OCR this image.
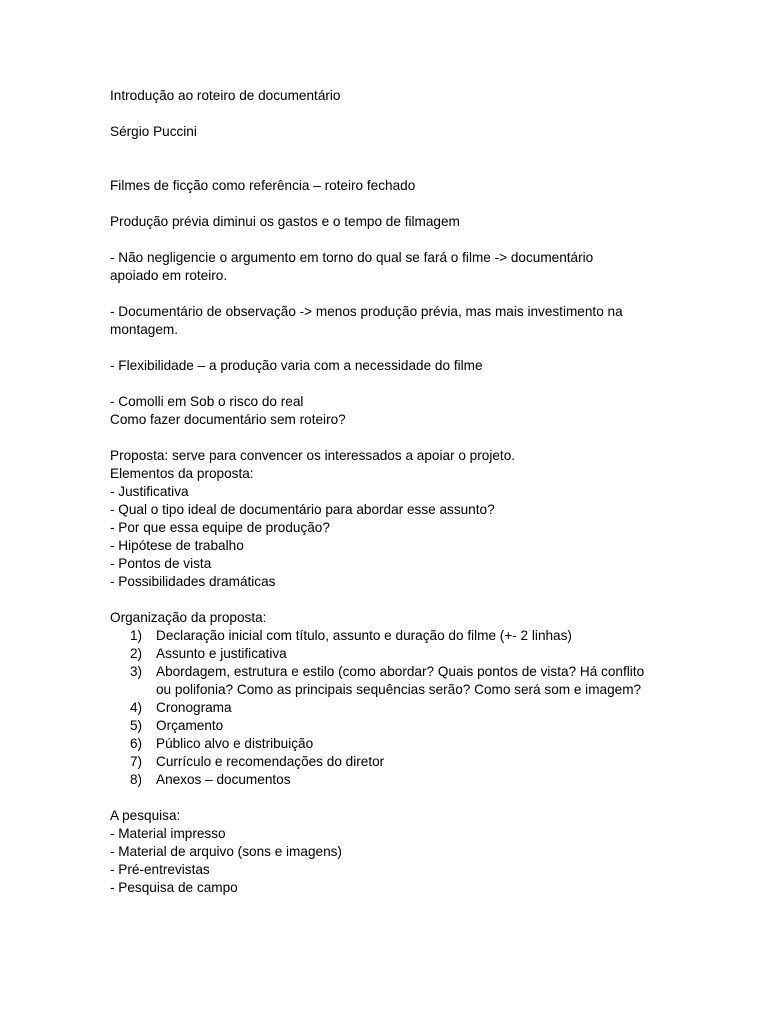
Introdução ao roteiro de documentário
Sérgio Puccini
Filmes de ficção como referência – roteiro fechado
Produção prévia diminui os gastos e o tempo de filmagem
- Não negligencie o argumento em torno do qual se fará o filme -> documentário
apoiado em roteiro.
- Documentário de observação -> menos produção prévia, mas mais investimento na
montagem.
- Flexibilidade – a produção varia com a necessidade do filme
- Comolli em Sob o risco do real
Como fazer documentário sem roteiro?
Proposta: serve para convencer os interessados a apoiar o projeto.
Elementos da proposta:
- Justificativa
- Qual o tipo ideal de documentário para abordar esse assunto?
- Por que essa equipe de produção?
- Hipótese de trabalho
- Pontos de vista
- Possibilidades dramáticas
Organização da proposta:
1) Declaração inicial com título, assunto e duração do filme (+- 2 linhas)
2) Assunto e justificativa
3) Abordagem, estrutura e estilo (como abordar? Quais pontos de vista? Há conflito ou polifonia? Como as principais sequências serão? Como será som e imagem?
4) Cronograma
5) Orçamento
6) Público alvo e distribuição
7) Currículo e recomendações do diretor
8) Anexos – documentos
A pesquisa:
- Material impresso
- Material de arquivo (sons e imagens)
- Pré-entrevistas
- Pesquisa de campo
